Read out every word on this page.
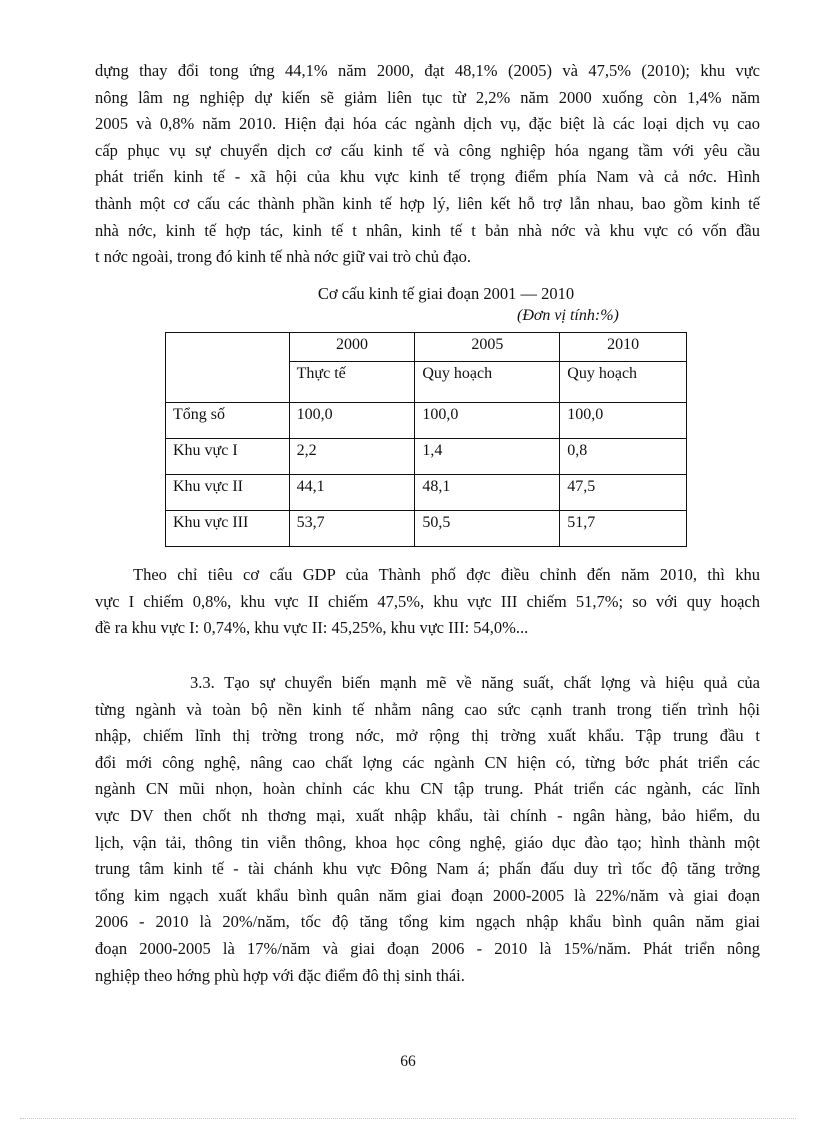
dựng thay đổi tong ứng 44,1% năm 2000, đạt 48,1% (2005) và 47,5% (2010); khu vực
nông lâm ng nghiệp dự kiến sẽ giảm liên tục từ 2,2% năm 2000 xuống còn 1,4% năm
2005 và 0,8% năm 2010. Hiện đại hóa các ngành dịch vụ, đặc biệt là các loại dịch vụ cao
cấp phục vụ sự chuyển dịch cơ cấu kinh tế và công nghiệp hóa ngang tầm với yêu cầu
phát triển kinh tế - xã hội của khu vực kinh tế trọng điểm phía Nam và cả nớc. Hình
thành một cơ cấu các thành phần kinh tế hợp lý, liên kết hỗ trợ lẫn nhau, bao gồm kinh tế
nhà nớc, kinh tế hợp tác, kinh tế t nhân, kinh tế t bản nhà nớc và khu vực có vốn đầu
t nớc ngoài, trong đó kinh tế nhà nớc giữ vai trò chủ đạo.

Cơ cấu kinh tế giai đoạn 2001 — 2010

(Đơn vị tính:%)

	2000	2005	2010
	Thực tế	Quy hoạch	Quy hoạch
Tổng số	100,0	100,0	100,0
Khu vực I	2,2	1,4	0,8
Khu vực II	44,1	48,1	47,5
Khu vực III	53,7	50,5	51,7
Theo chỉ tiêu cơ cấu GDP của Thành phố đợc điều chỉnh đến năm 2010, thì khu
vực I chiếm 0,8%, khu vực II chiếm 47,5%, khu vực III chiếm 51,7%; so với quy hoạch
đề ra khu vực I: 0,74%, khu vực II: 45,25%, khu vực III: 54,0%...
3.3. Tạo sự chuyển biến mạnh mẽ về năng suất, chất lợng và hiệu quả của
từng ngành và toàn bộ nền kinh tế nhằm nâng cao sức cạnh tranh trong tiến trình hội
nhập, chiếm lĩnh thị trờng trong nớc, mở rộng thị trờng xuất khẩu. Tập trung đầu t
đổi mới công nghệ, nâng cao chất lợng các ngành CN hiện có, từng bớc phát triển các
ngành CN mũi nhọn, hoàn chỉnh các khu CN tập trung. Phát triển các ngành, các lĩnh
vực DV then chốt nh thơng mại, xuất nhập khẩu, tài chính - ngân hàng, bảo hiểm, du
lịch, vận tải, thông tin viễn thông, khoa học công nghệ, giáo dục đào tạo; hình thành một
trung tâm kinh tế - tài chánh khu vực Đông Nam á; phấn đấu duy trì tốc độ tăng trởng
tổng kim ngạch xuất khẩu bình quân năm giai đoạn 2000-2005 là 22%/năm và giai đoạn
2006 - 2010 là 20%/năm, tốc độ tăng tổng kim ngạch nhập khẩu bình quân năm giai
đoạn 2000-2005 là 17%/năm và giai đoạn 2006 - 2010 là 15%/năm. Phát triển nông
nghiệp theo hớng phù hợp với đặc điểm đô thị sinh thái.

66
